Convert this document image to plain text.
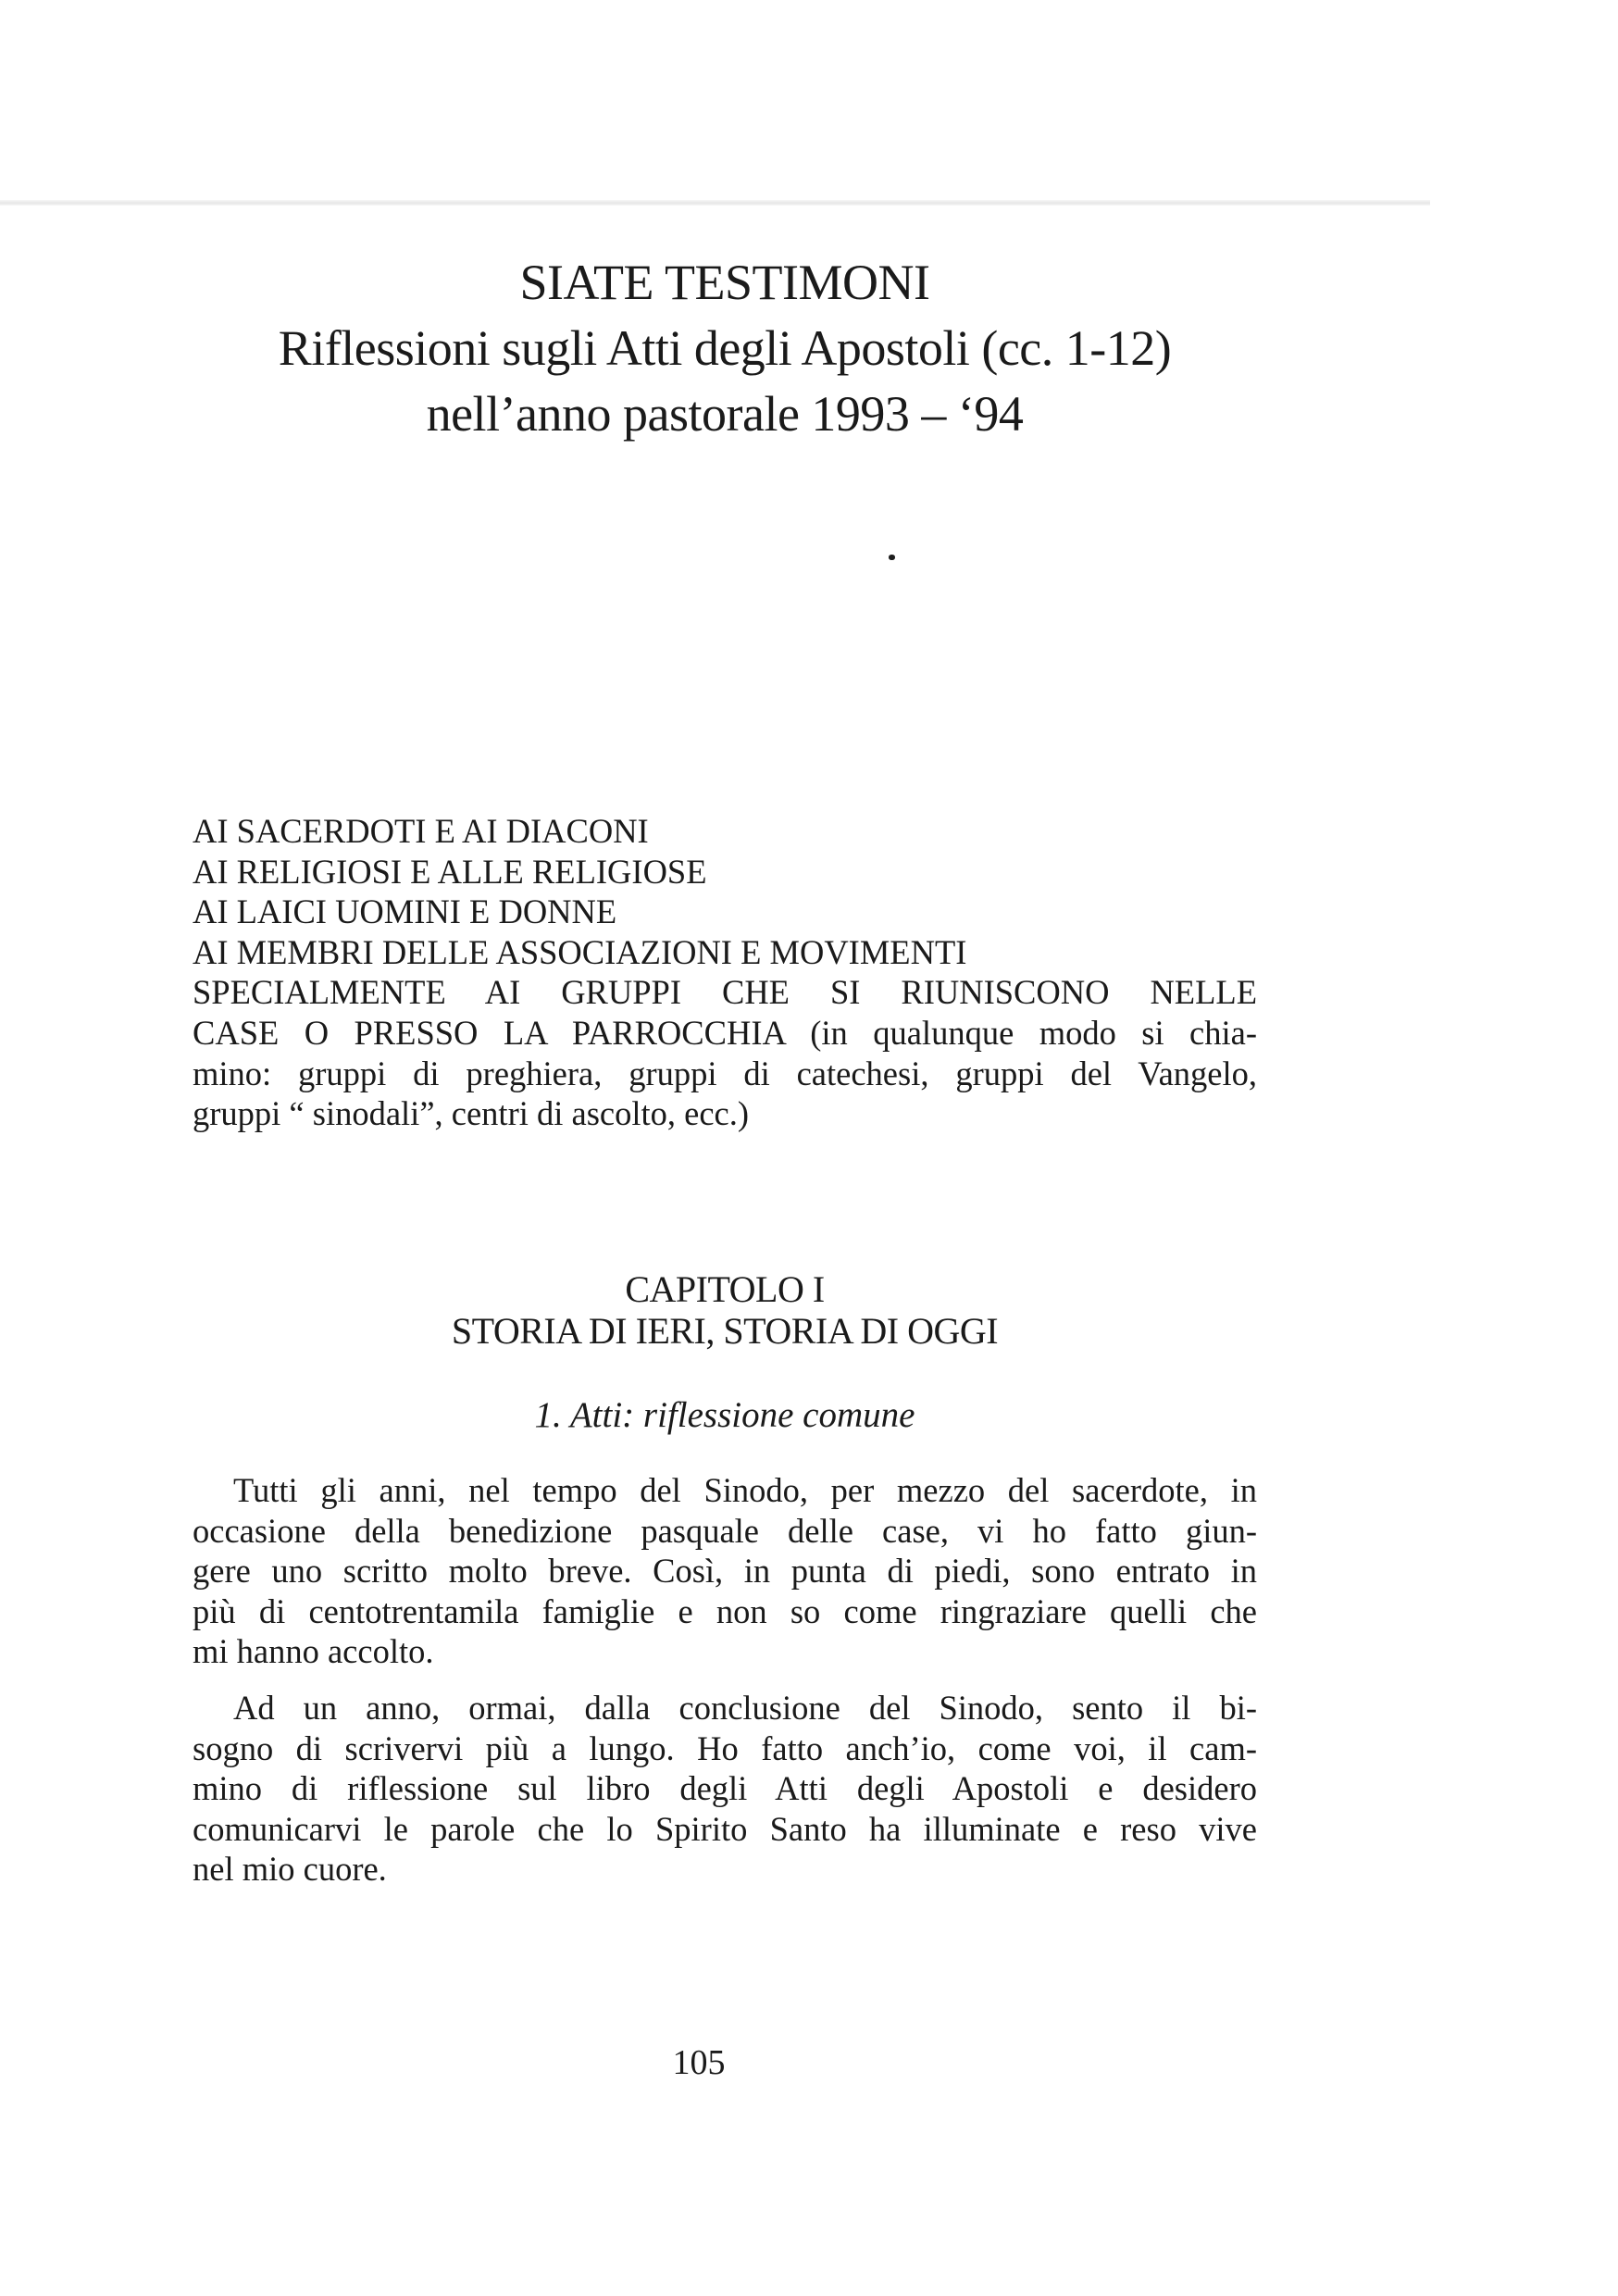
SIATE TESTIMONI
Riflessioni sugli Atti degli Apostoli (cc. 1-12)
nell’anno pastorale 1993 – ‘94
AI SACERDOTI E AI DIACONI
AI RELIGIOSI E ALLE RELIGIOSE
AI LAICI UOMINI E DONNE
AI MEMBRI DELLE ASSOCIAZIONI E MOVIMENTI
SPECIALMENTE AI GRUPPI CHE SI RIUNISCONO NELLE
CASE O PRESSO LA PARROCCHIA (in qualunque modo si chia-
mino: gruppi di preghiera, gruppi di catechesi, gruppi del Vangelo,
gruppi “ sinodali”, centri di ascolto, ecc.)
CAPITOLO I
STORIA DI IERI, STORIA DI OGGI
1. Atti: riflessione comune
Tutti gli anni, nel tempo del Sinodo, per mezzo del sacerdote, in
occasione della benedizione pasquale delle case, vi ho fatto giun-
gere uno scritto molto breve. Così, in punta di piedi, sono entrato in
più di centotrentamila famiglie e non so come ringraziare quelli che
mi hanno accolto.
Ad un anno, ormai, dalla conclusione del Sinodo, sento il bi-
sogno di scrivervi più a lungo. Ho fatto anch’io, come voi, il cam-
mino di riflessione sul libro degli Atti degli Apostoli e desidero
comunicarvi le parole che lo Spirito Santo ha illuminate e reso vive
nel mio cuore.
105
